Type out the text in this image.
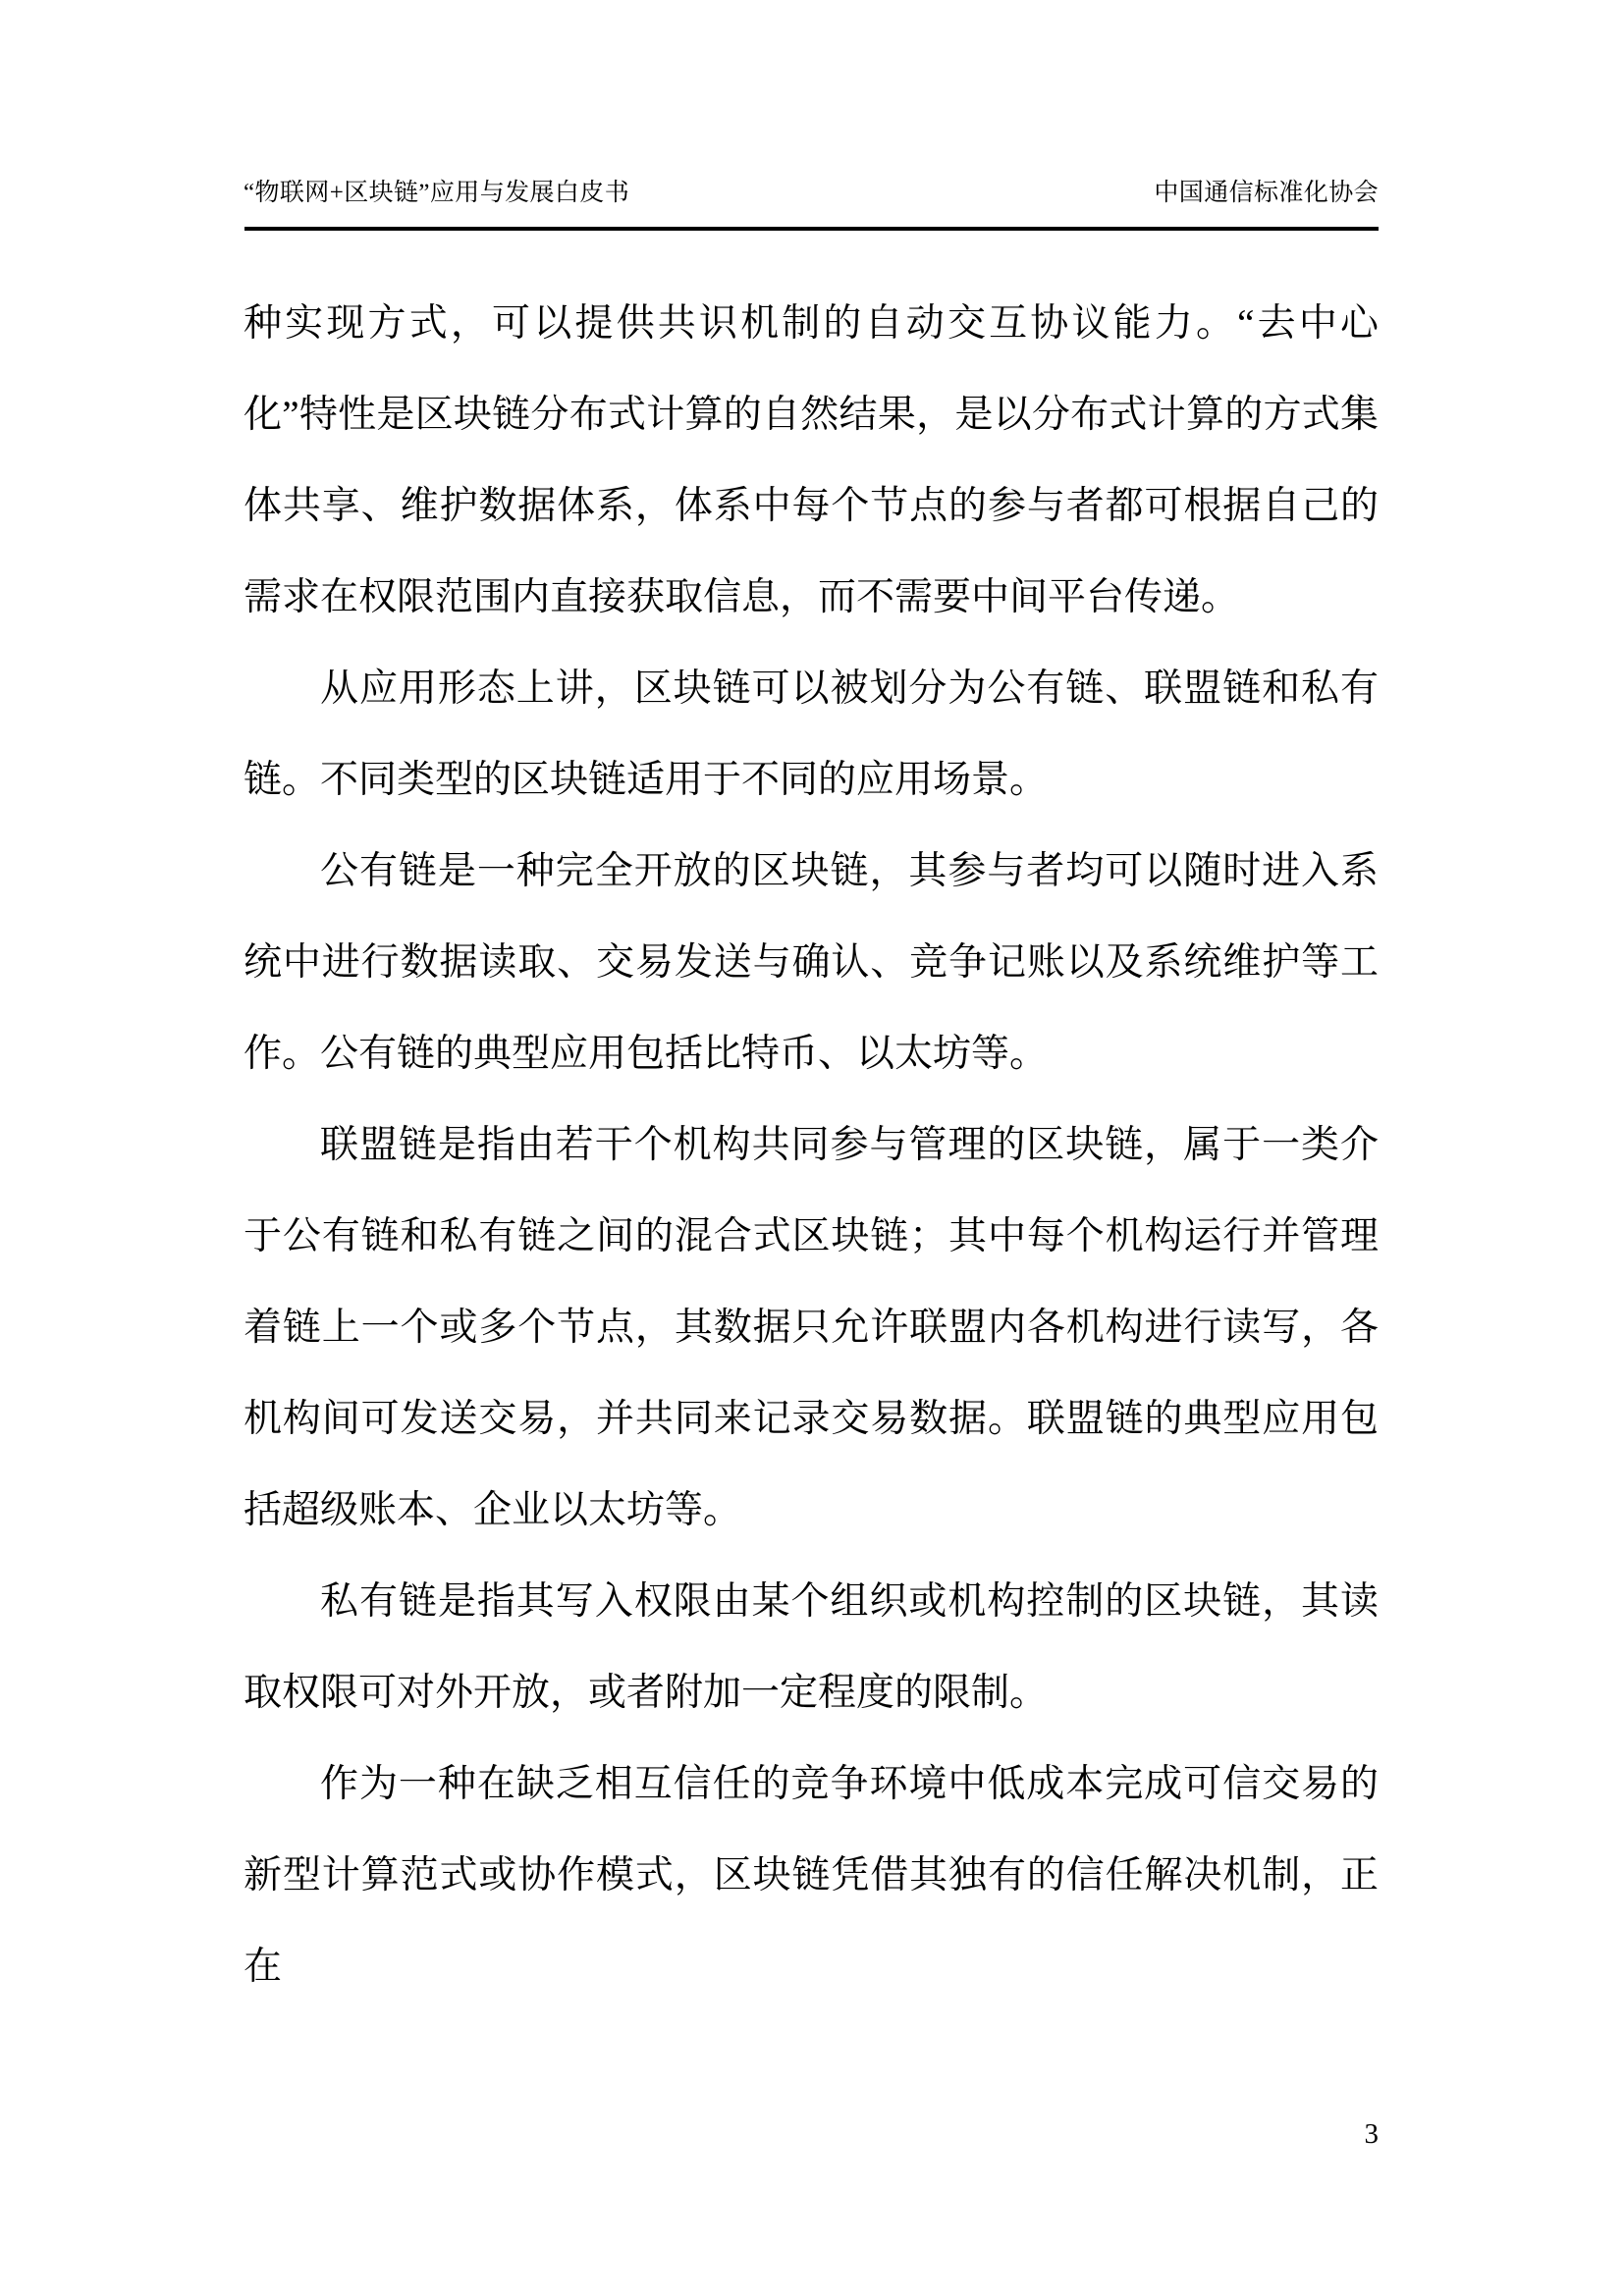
“物联网+区块链”应用与发展白皮书	中国通信标准化协会

种实现方式，可以提供共识机制的自动交互协议能力。“去中心化”特性是区块链分布式计算的自然结果，是以分布式计算的方式集体共享、维护数据体系，体系中每个节点的参与者都可根据自己的需求在权限范围内直接获取信息，而不需要中间平台传递。

从应用形态上讲，区块链可以被划分为公有链、联盟链和私有链。不同类型的区块链适用于不同的应用场景。

公有链是一种完全开放的区块链，其参与者均可以随时进入系统中进行数据读取、交易发送与确认、竞争记账以及系统维护等工作。公有链的典型应用包括比特币、以太坊等。

联盟链是指由若干个机构共同参与管理的区块链，属于一类介于公有链和私有链之间的混合式区块链；其中每个机构运行并管理着链上一个或多个节点，其数据只允许联盟内各机构进行读写，各机构间可发送交易，并共同来记录交易数据。联盟链的典型应用包括超级账本、企业以太坊等。

私有链是指其写入权限由某个组织或机构控制的区块链，其读取权限可对外开放，或者附加一定程度的限制。

作为一种在缺乏相互信任的竞争环境中低成本完成可信交易的新型计算范式或协作模式，区块链凭借其独有的信任解决机制，正在

3
